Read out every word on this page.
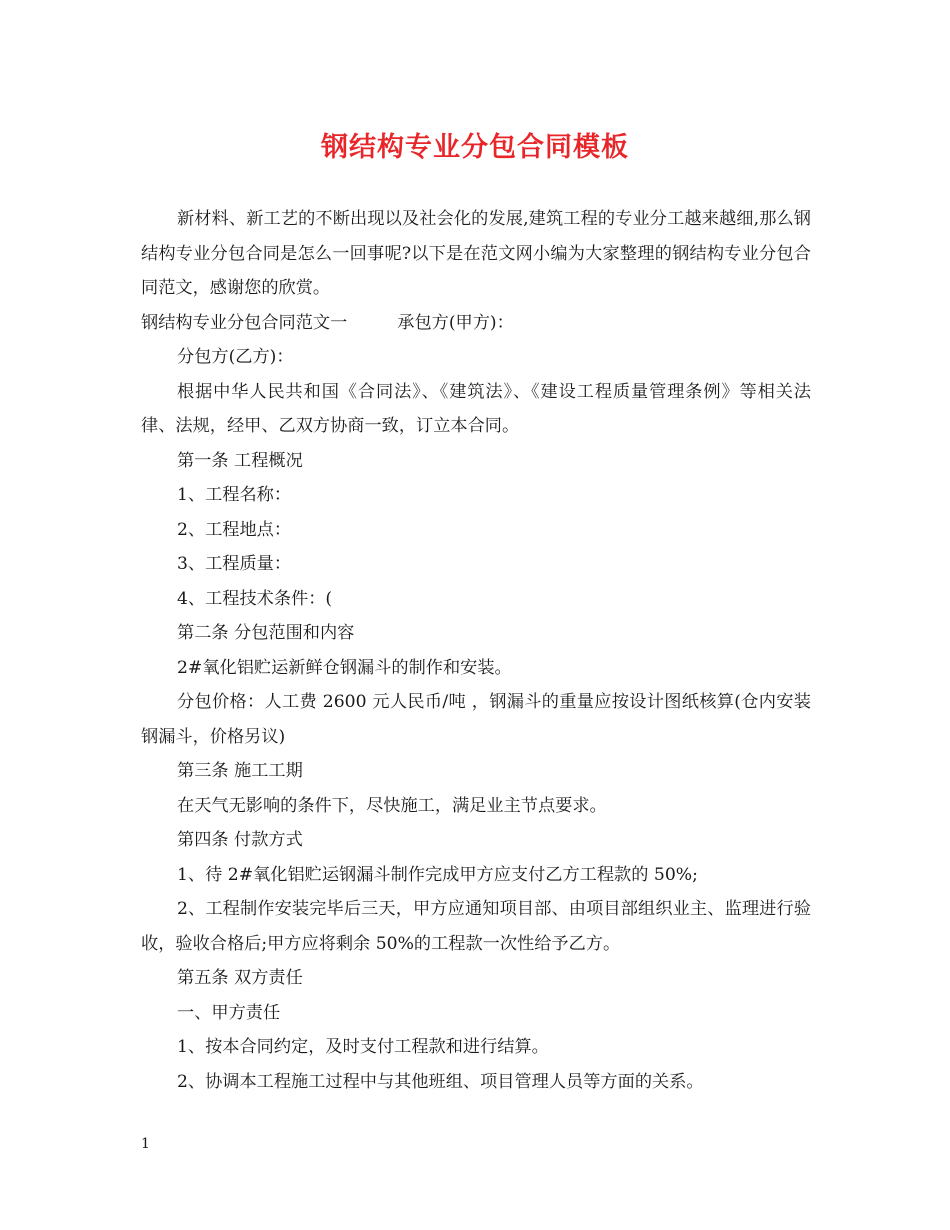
钢结构专业分包合同模板

新材料、新工艺的不断出现以及社会化的发展,建筑工程的专业分工越来越细,那么钢结构专业分包合同是怎么一回事呢?以下是在范文网小编为大家整理的钢结构专业分包合同范文，感谢您的欣赏。

钢结构专业分包合同范文一	承包方(甲方)：

分包方(乙方)：

根据中华人民共和国《合同法》、《建筑法》、《建设工程质量管理条例》等相关法律、法规，经甲、乙双方协商一致，订立本合同。

第一条 工程概况

1、工程名称：

2、工程地点：

3、工程质量：

4、工程技术条件：(

第二条 分包范围和内容

2#氧化铝贮运新鲜仓钢漏斗的制作和安装。

分包价格：人工费 2600 元人民币/吨 ，钢漏斗的重量应按设计图纸核算(仓内安装钢漏斗，价格另议)

第三条 施工工期

在天气无影响的条件下，尽快施工，满足业主节点要求。

第四条 付款方式

1、待 2#氧化铝贮运钢漏斗制作完成甲方应支付乙方工程款的 50%;

2、工程制作安装完毕后三天，甲方应通知项目部、由项目部组织业主、监理进行验收，验收合格后;甲方应将剩余 50%的工程款一次性给予乙方。

第五条 双方责任

一、甲方责任

1、按本合同约定，及时支付工程款和进行结算。

2、协调本工程施工过程中与其他班组、项目管理人员等方面的关系。

1
